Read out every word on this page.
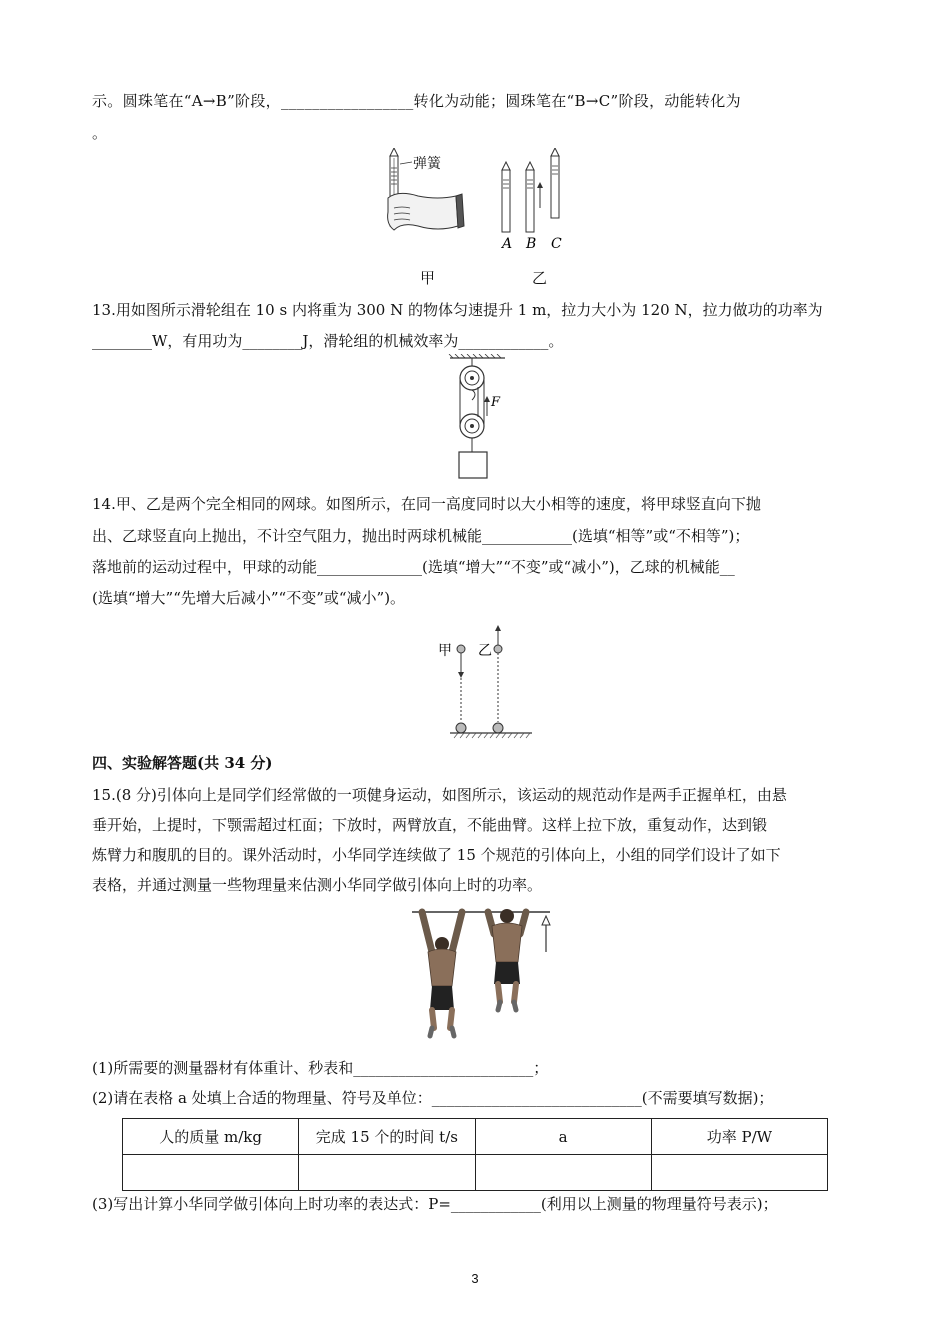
示。圆珠笔在“A→B”阶段，_________________转化为动能；圆珠笔在“B→C”阶段，动能转化为
。
弹簧
A B C
甲	乙
13.用如图所示滑轮组在 10 s 内将重为 300 N 的物体匀速提升 1 m，拉力大小为 120 N，拉力做功的功率为
________W，有用功为________J，滑轮组的机械效率为____________。
F
14.甲、乙是两个完全相同的网球。如图所示，在同一高度同时以大小相等的速度，将甲球竖直向下抛
出、乙球竖直向上抛出，不计空气阻力，抛出时两球机械能____________(选填“相等”或“不相等”)；
落地前的运动过程中，甲球的动能______________(选填“增大”“不变”或“减小”)，乙球的机械能__
(选填“增大”“先增大后减小”“不变”或“减小”)。
甲 乙
四、实验解答题(共 34 分)
15.(8 分)引体向上是同学们经常做的一项健身运动，如图所示，该运动的规范动作是两手正握单杠，由悬
垂开始，上提时，下颚需超过杠面；下放时，两臂放直，不能曲臂。这样上拉下放，重复动作，达到锻
炼臂力和腹肌的目的。课外活动时，小华同学连续做了 15 个规范的引体向上，小组的同学们设计了如下
表格，并通过测量一些物理量来估测小华同学做引体向上时的功率。
(1)所需要的测量器材有体重计、秒表和________________________；
(2)请在表格 a 处填上合适的物理量、符号及单位：____________________________(不需要填写数据)；
人的质量 m/kg	完成 15 个的时间 t/s	a	功率 P/W

(3)写出计算小华同学做引体向上时功率的表达式：P=____________(利用以上测量的物理量符号表示)；
3
